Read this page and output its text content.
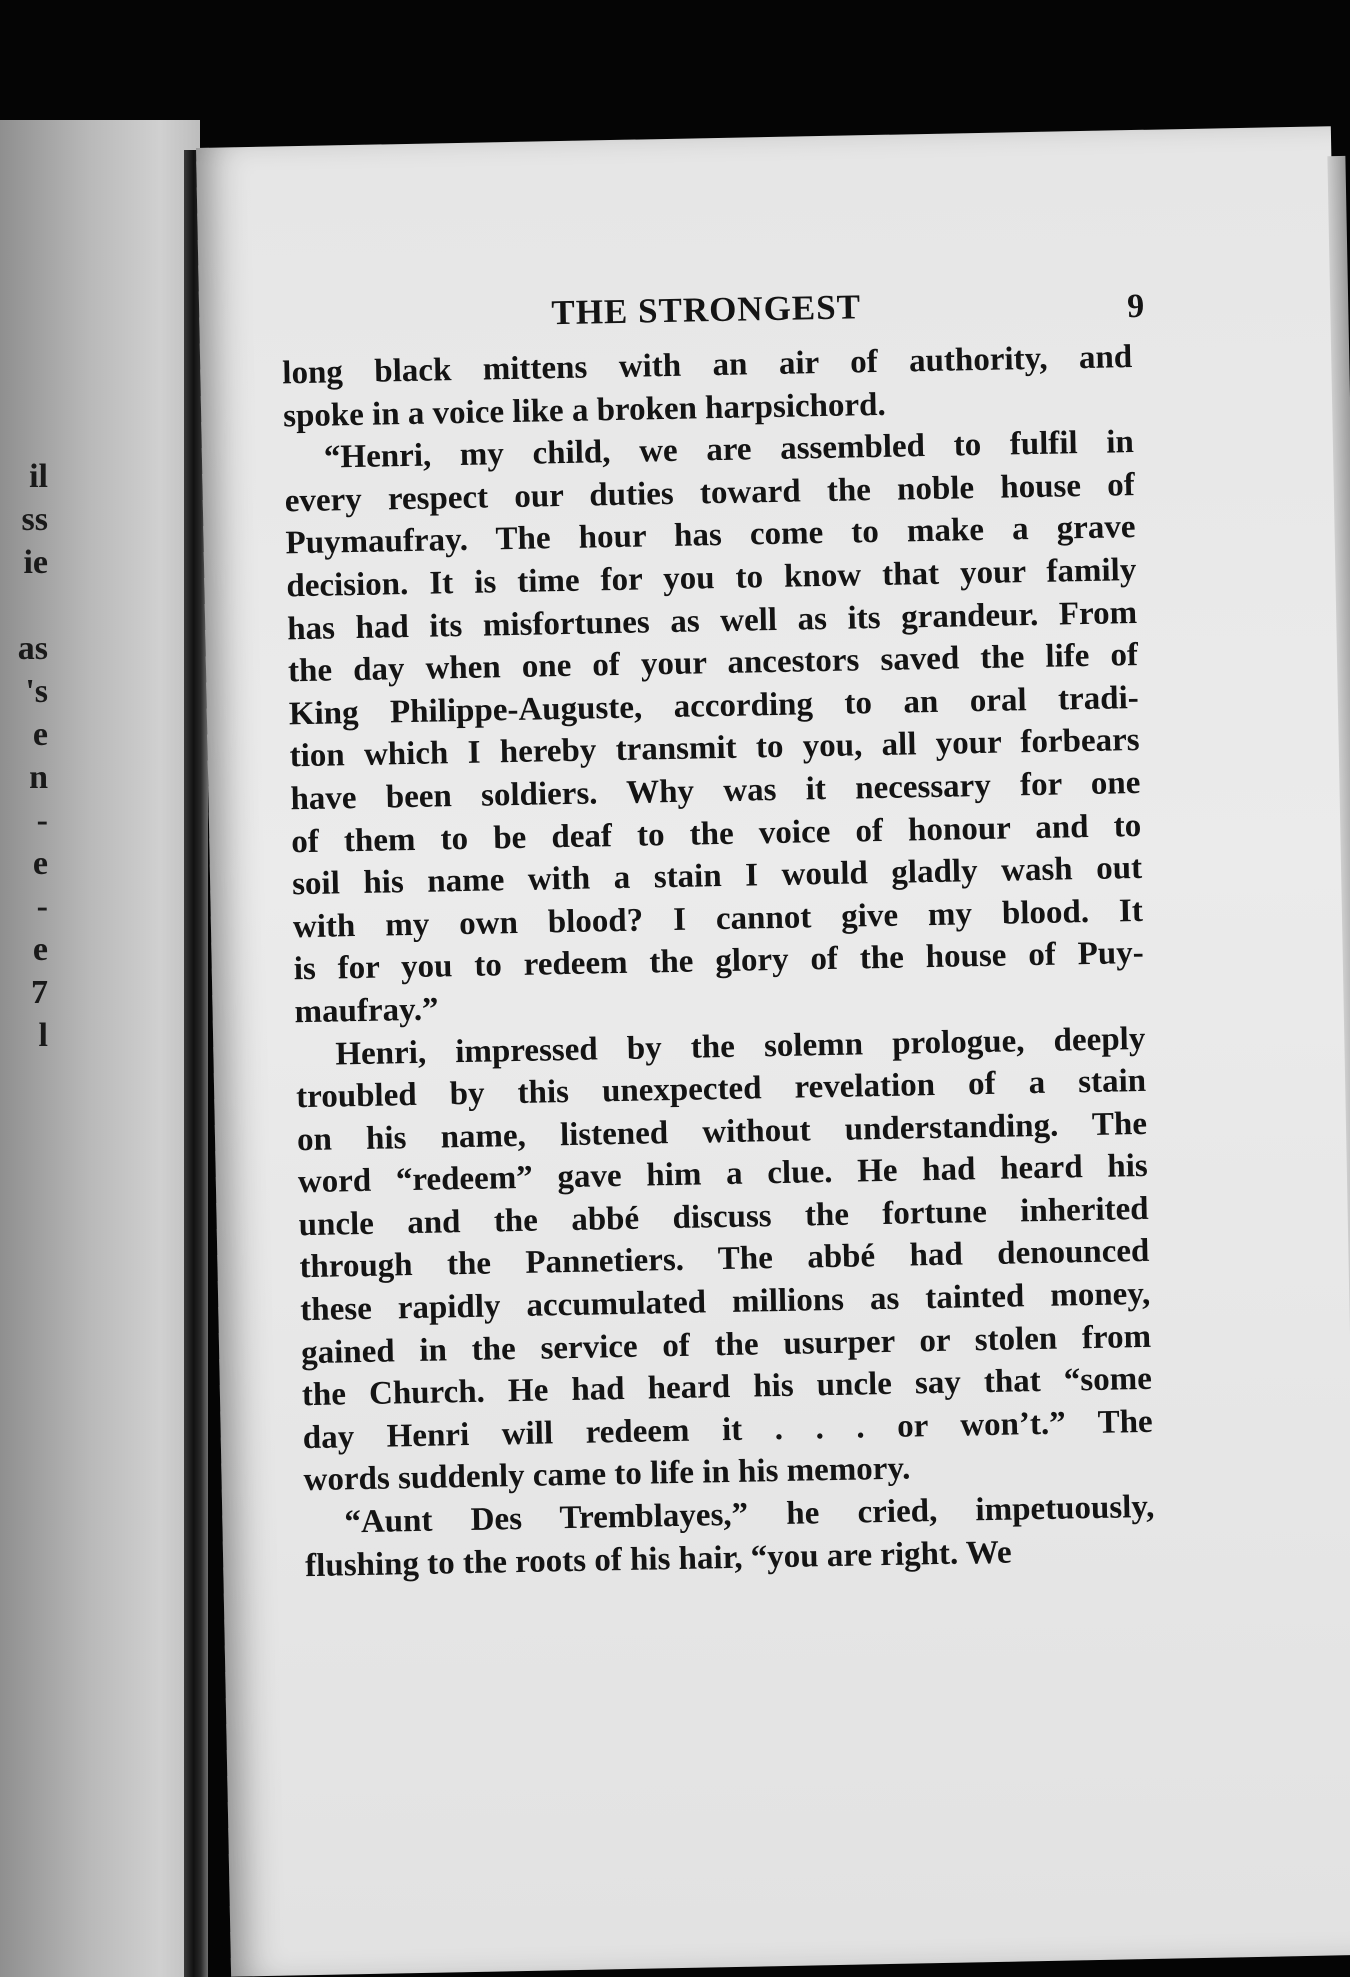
il
ss
ie
as
's
e
n
-
e
-
e
7
l
THE STRONGEST	9
long black mittens with an air of authority, and
spoke in a voice like a broken harpsichord.
“Henri, my child, we are assembled to fulfil in
every respect our duties toward the noble house of
Puymaufray. The hour has come to make a grave
decision. It is time for you to know that your family
has had its misfortunes as well as its grandeur. From
the day when one of your ancestors saved the life of
King Philippe-Auguste, according to an oral tradi-
tion which I hereby transmit to you, all your forbears
have been soldiers. Why was it necessary for one
of them to be deaf to the voice of honour and to
soil his name with a stain I would gladly wash out
with my own blood? I cannot give my blood. It
is for you to redeem the glory of the house of Puy-
maufray.”
Henri, impressed by the solemn prologue, deeply
troubled by this unexpected revelation of a stain
on his name, listened without understanding. The
word “redeem” gave him a clue. He had heard his
uncle and the abbé discuss the fortune inherited
through the Pannetiers. The abbé had denounced
these rapidly accumulated millions as tainted money,
gained in the service of the usurper or stolen from
the Church. He had heard his uncle say that “some
day Henri will redeem it . . . or won’t.” The
words suddenly came to life in his memory.
“Aunt Des Tremblayes,” he cried, impetuously,
flushing to the roots of his hair, “you are right. We
